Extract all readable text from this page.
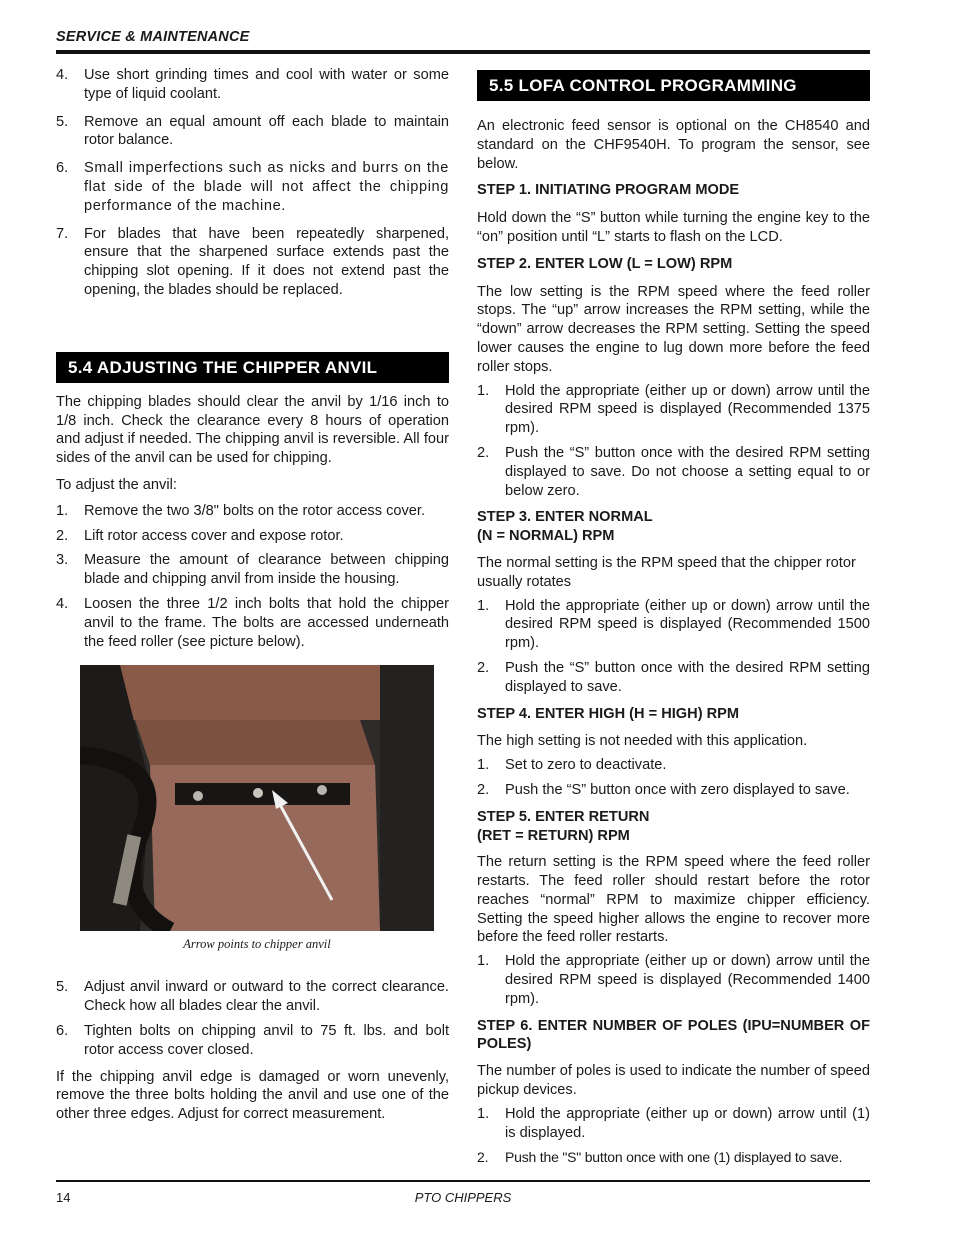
SERVICE & MAINTENANCE
4. Use short grinding times and cool with water or some type of liquid coolant.
5. Remove an equal amount off each blade to maintain rotor balance.
6. Small imperfections such as nicks and burrs on the flat side of the blade will not affect the chipping performance of the machine.
7. For blades that have been repeatedly sharpened, ensure that the sharpened surface extends past the chipping slot opening. If it does not extend past the opening, the blades should be replaced.
5.4 ADJUSTING THE CHIPPER ANVIL

The chipping blades should clear the anvil by 1/16 inch to 1/8 inch. Check the clearance every 8 hours of operation and adjust if needed. The chipping anvil is reversible. All four sides of the anvil can be used for chipping.

To adjust the anvil:

1. Remove the two 3/8" bolts on the rotor access cover.
2. Lift rotor access cover and expose rotor.
3. Measure the amount of clearance between chipping blade and chipping anvil from inside the housing.
4. Loosen the three 1/2 inch bolts that hold the chipper anvil to the frame. The bolts are accessed underneath the feed roller (see picture below).
Arrow points to chipper anvil
5. Adjust anvil inward or outward to the correct clearance. Check how all blades clear the anvil.
6. Tighten bolts on chipping anvil to 75 ft. lbs. and bolt rotor access cover closed.

If the chipping anvil edge is damaged or worn unevenly, remove the three bolts holding the anvil and use one of the other three edges. Adjust for correct measurement.

5.5 LOFA CONTROL PROGRAMMING

An electronic feed sensor is optional on the CH8540 and standard on the CHF9540H. To program the sensor, see below.

STEP 1. INITIATING PROGRAM MODE

Hold down the “S” button while turning the engine key to the “on” position until “L” starts to flash on the LCD.

STEP 2. ENTER LOW (L = LOW) RPM

The low setting is the RPM speed where the feed roller stops. The “up” arrow increases the RPM setting, while the “down” arrow decreases the RPM setting. Setting the speed lower causes the engine to lug down more before the feed roller stops.

1. Hold the appropriate (either up or down) arrow until the desired RPM speed is displayed (Recommended 1375 rpm).
2. Push the “S” button once with the desired RPM setting displayed to save. Do not choose a setting equal to or below zero.

STEP 3. ENTER NORMAL

(N = NORMAL) RPM

The normal setting is the RPM speed that the chipper rotor usually rotates

1. Hold the appropriate (either up or down) arrow until the desired RPM speed is displayed (Recommended 1500 rpm).
2. Push the “S” button once with the desired RPM setting displayed to save.

STEP 4. ENTER HIGH (H = HIGH) RPM

The high setting is not needed with this application.

1. Set to zero to deactivate.
2. Push the “S” button once with zero displayed to save.

STEP 5. ENTER RETURN

(RET = RETURN) RPM

The return setting is the RPM speed where the feed roller restarts. The feed roller should restart before the rotor reaches “normal” RPM to maximize chipper efficiency. Setting the speed higher allows the engine to recover more before the feed roller restarts.

1. Hold the appropriate (either up or down) arrow until the desired RPM speed is displayed (Recommended 1400 rpm).

STEP 6. ENTER NUMBER OF POLES (IPU=NUMBER OF POLES)

The number of poles is used to indicate the number of speed pickup devices.

1. Hold the appropriate (either up or down) arrow until (1) is displayed.
2. Push the "S" button once with one (1) displayed to save.
14	PTO CHIPPERS
